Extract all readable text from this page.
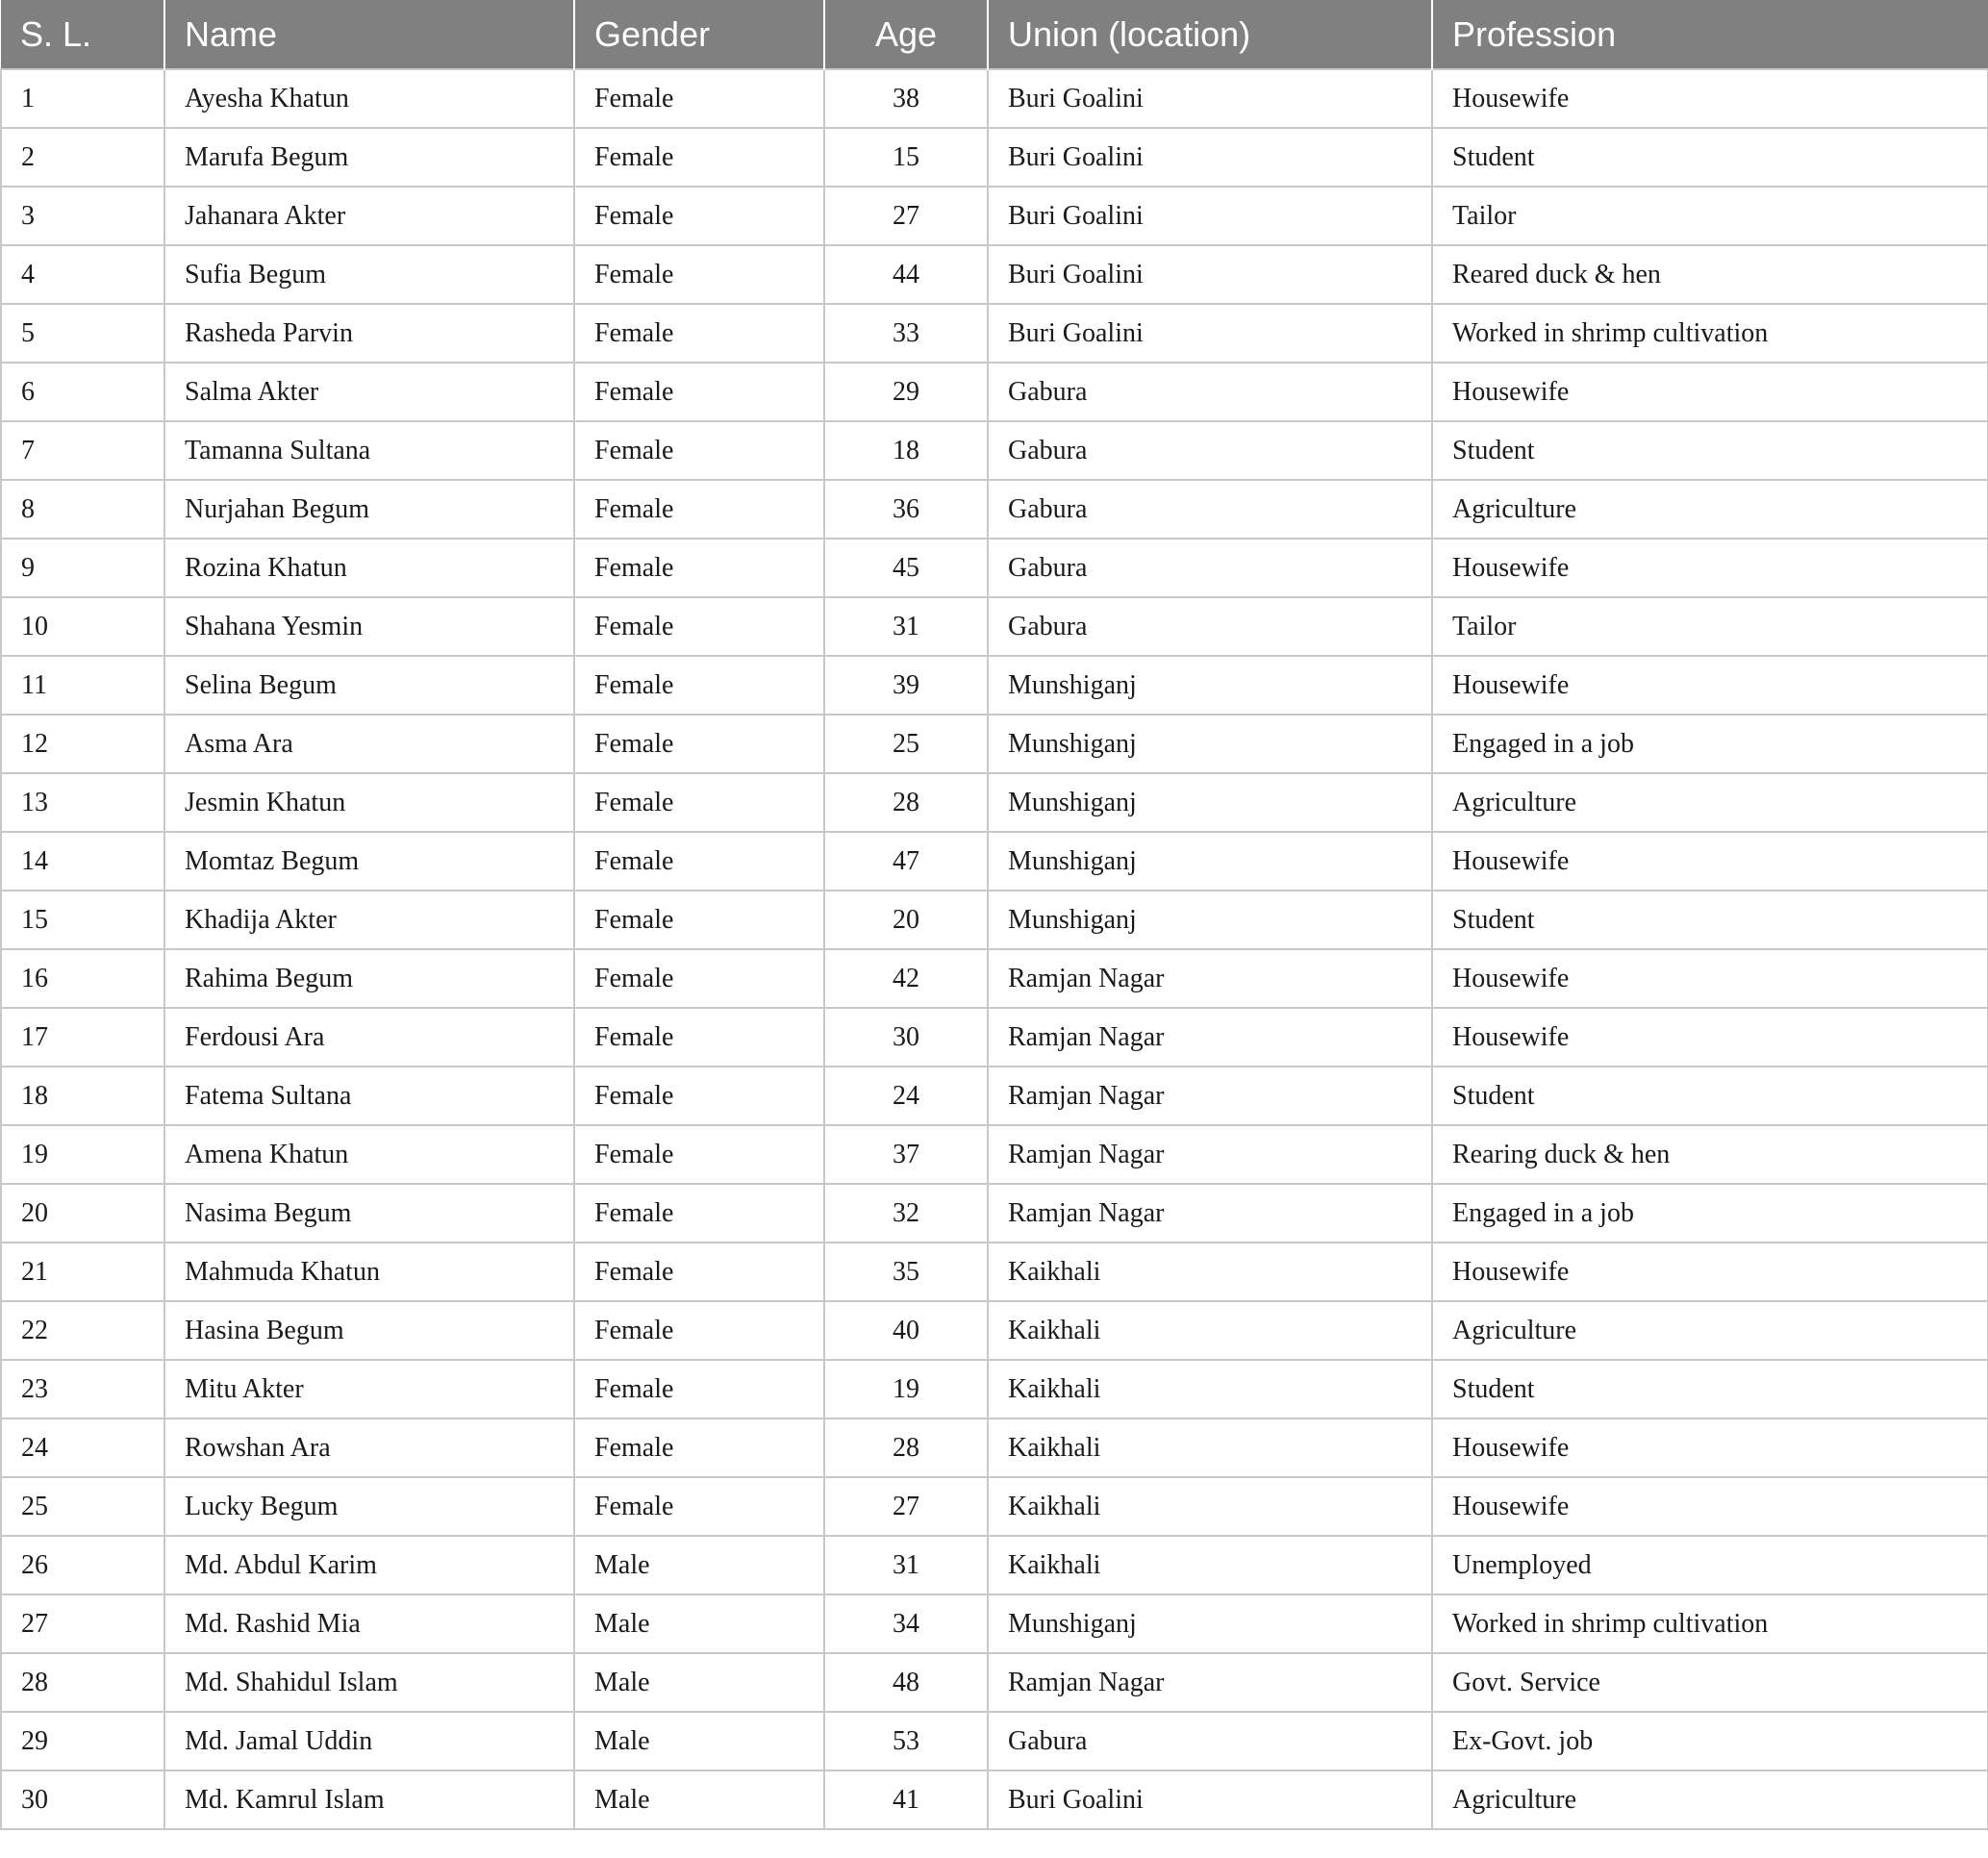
S. L.	Name	Gender	Age	Union (location)	Profession
1	Ayesha Khatun	Female	38	Buri Goalini	Housewife
2	Marufa Begum	Female	15	Buri Goalini	Student
3	Jahanara Akter	Female	27	Buri Goalini	Tailor
4	Sufia Begum	Female	44	Buri Goalini	Reared duck & hen
5	Rasheda Parvin	Female	33	Buri Goalini	Worked in shrimp cultivation
6	Salma Akter	Female	29	Gabura	Housewife
7	Tamanna Sultana	Female	18	Gabura	Student
8	Nurjahan Begum	Female	36	Gabura	Agriculture
9	Rozina Khatun	Female	45	Gabura	Housewife
10	Shahana Yesmin	Female	31	Gabura	Tailor
11	Selina Begum	Female	39	Munshiganj	Housewife
12	Asma Ara	Female	25	Munshiganj	Engaged in a job
13	Jesmin Khatun	Female	28	Munshiganj	Agriculture
14	Momtaz Begum	Female	47	Munshiganj	Housewife
15	Khadija Akter	Female	20	Munshiganj	Student
16	Rahima Begum	Female	42	Ramjan Nagar	Housewife
17	Ferdousi Ara	Female	30	Ramjan Nagar	Housewife
18	Fatema Sultana	Female	24	Ramjan Nagar	Student
19	Amena Khatun	Female	37	Ramjan Nagar	Rearing duck & hen
20	Nasima Begum	Female	32	Ramjan Nagar	Engaged in a job
21	Mahmuda Khatun	Female	35	Kaikhali	Housewife
22	Hasina Begum	Female	40	Kaikhali	Agriculture
23	Mitu Akter	Female	19	Kaikhali	Student
24	Rowshan Ara	Female	28	Kaikhali	Housewife
25	Lucky Begum	Female	27	Kaikhali	Housewife
26	Md. Abdul Karim	Male	31	Kaikhali	Unemployed
27	Md. Rashid Mia	Male	34	Munshiganj	Worked in shrimp cultivation
28	Md. Shahidul Islam	Male	48	Ramjan Nagar	Govt. Service
29	Md. Jamal Uddin	Male	53	Gabura	Ex-Govt. job
30	Md. Kamrul Islam	Male	41	Buri Goalini	Agriculture
